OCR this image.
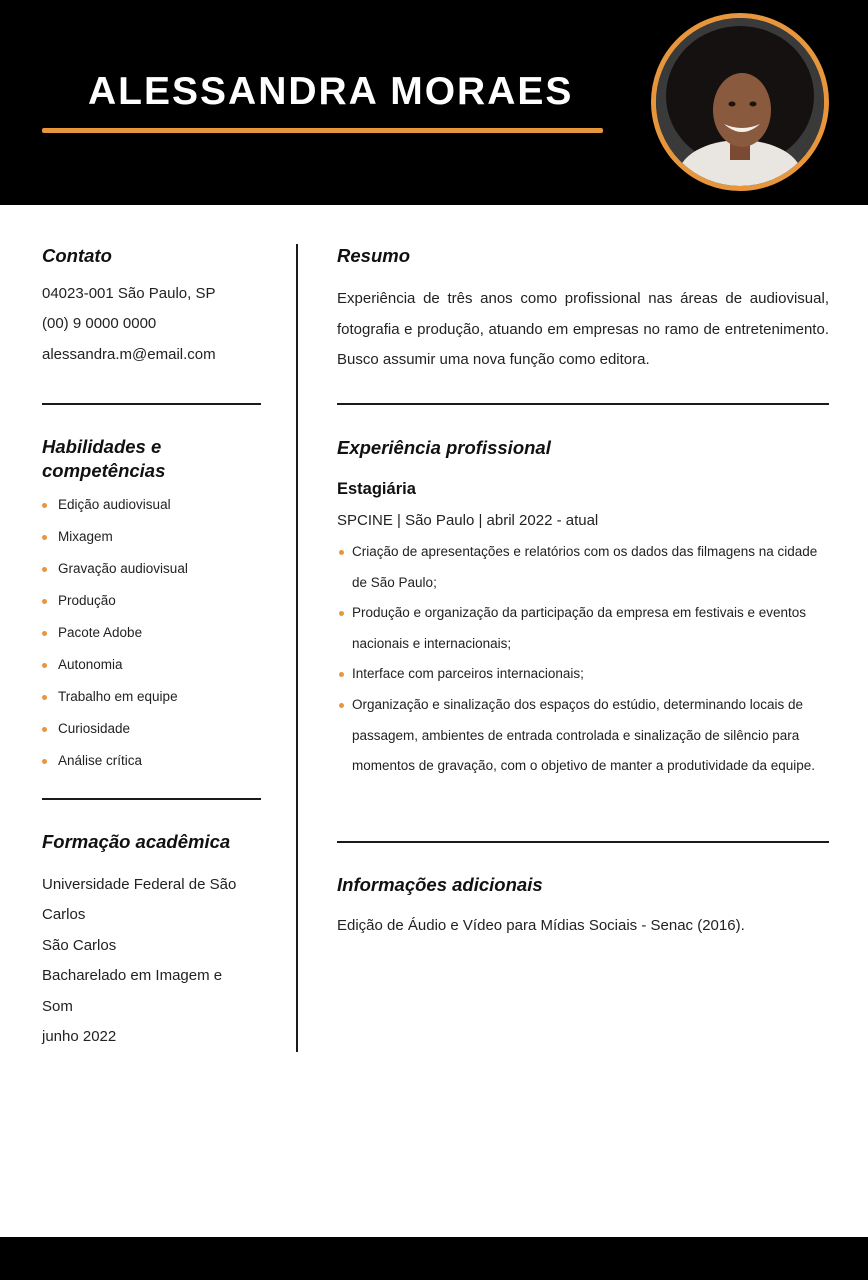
ALESSANDRA MORAES
Contato
04023-001 São Paulo, SP
(00) 9 0000 0000
alessandra.m@email.com
Habilidades e
competências
Edição audiovisual
Mixagem
Gravação audiovisual
Produção
Pacote Adobe
Autonomia
Trabalho em equipe
Curiosidade
Análise crítica
Formação acadêmica
Universidade Federal de São
Carlos
São Carlos
Bacharelado em Imagem e
Som
junho 2022
Resumo

Experiência de três anos como profissional nas áreas de audiovisual, fotografia e produção, atuando em empresas no ramo de entretenimento. Busco assumir uma nova função como editora.

Experiência profissional
Estagiária
SPCINE | São Paulo | abril 2022 - atual
Criação de apresentações e relatórios com os dados das filmagens na cidade de São Paulo;
Produção e organização da participação da empresa em festivais e eventos nacionais e internacionais;
Interface com parceiros internacionais;
Organização e sinalização dos espaços do estúdio, determinando locais de passagem, ambientes de entrada controlada e sinalização de silêncio para momentos de gravação, com o objetivo de manter a produtividade da equipe.
Informações adicionais
Edição de Áudio e Vídeo para Mídias Sociais - Senac (2016).
